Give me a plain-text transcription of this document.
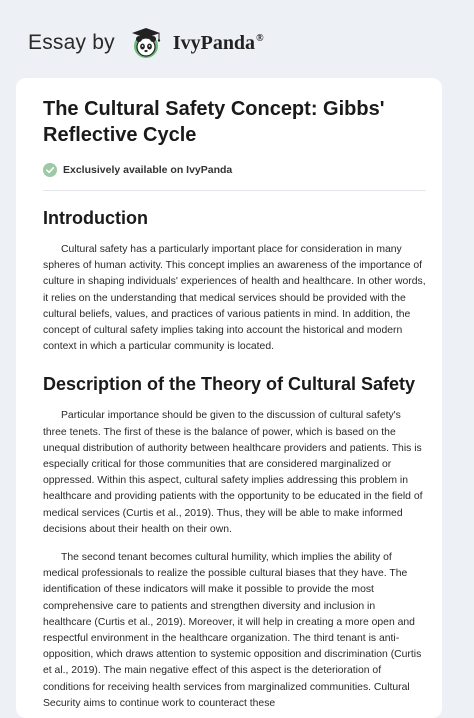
Essay by	IvyPanda®
The Cultural Safety Concept: Gibbs' Reflective Cycle
Exclusively available on IvyPanda
Introduction

Cultural safety has a particularly important place for consideration in many spheres of human activity. This concept implies an awareness of the importance of culture in shaping individuals' experiences of health and healthcare. In other words, it relies on the understanding that medical services should be provided with the cultural beliefs, values, and practices of various patients in mind. In addition, the concept of cultural safety implies taking into account the historical and modern context in which a particular community is located.

Description of the Theory of Cultural Safety

Particular importance should be given to the discussion of cultural safety's three tenets. The first of these is the balance of power, which is based on the unequal distribution of authority between healthcare providers and patients. This is especially critical for those communities that are considered marginalized or oppressed. Within this aspect, cultural safety implies addressing this problem in healthcare and providing patients with the opportunity to be educated in the field of medical services (Curtis et al., 2019). Thus, they will be able to make informed decisions about their health on their own.

The second tenant becomes cultural humility, which implies the ability of medical professionals to realize the possible cultural biases that they have. The identification of these indicators will make it possible to provide the most comprehensive care to patients and strengthen diversity and inclusion in healthcare (Curtis et al., 2019). Moreover, it will help in creating a more open and respectful environment in the healthcare organization. The third tenant is anti-opposition, which draws attention to systemic opposition and discrimination (Curtis et al., 2019). The main negative effect of this aspect is the deterioration of conditions for receiving health services from marginalized communities. Cultural Security aims to continue work to counteract these
